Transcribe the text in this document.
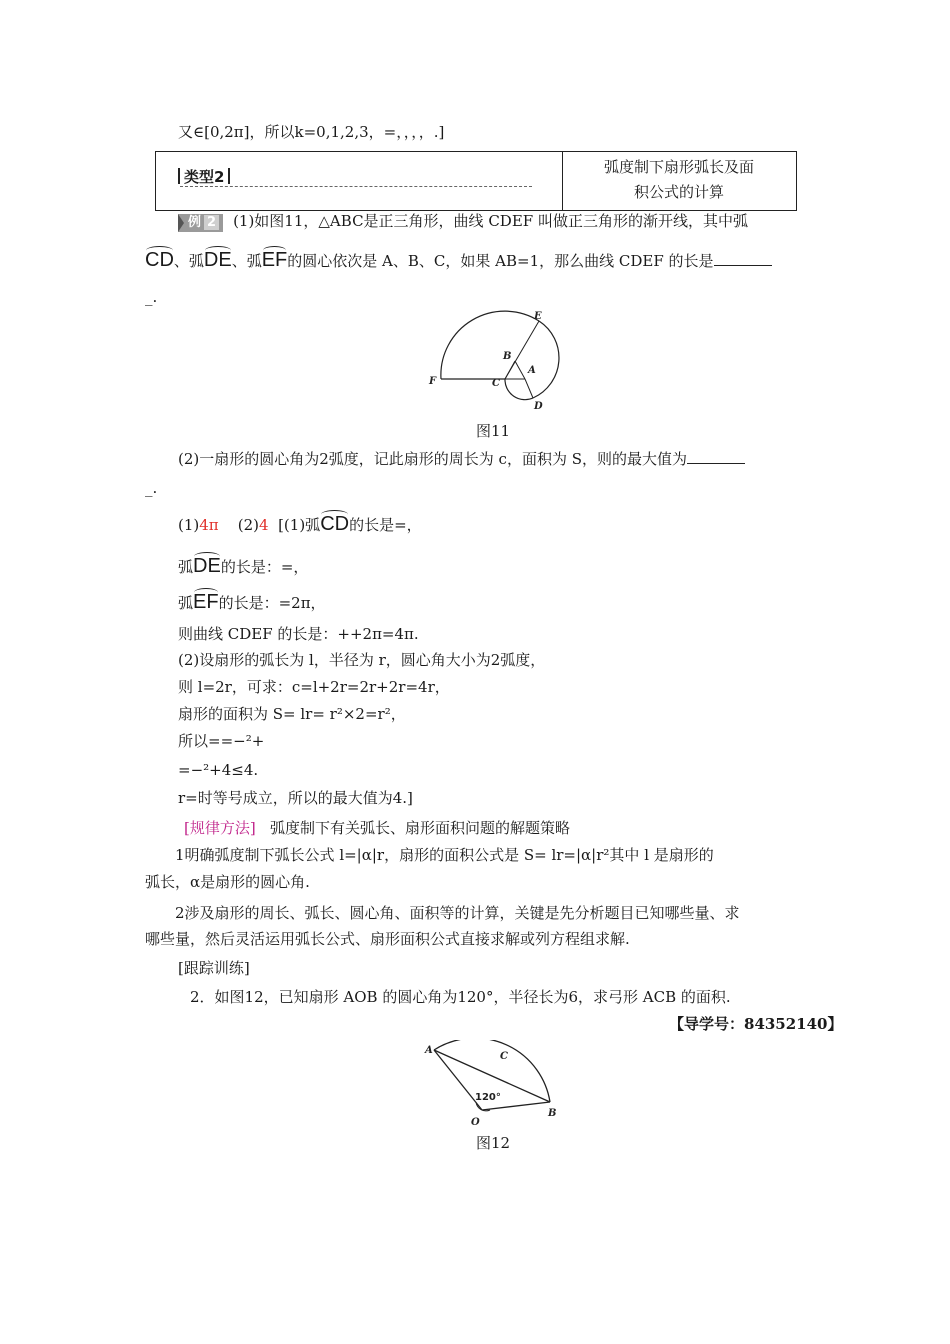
又∈[0,2π]，所以k=0,1,2,3，=，，，，.]
类型2
弧度制下扇形弧长及面
积公式的计算
例 2 (1)如图11，△ABC是正三角形，曲线 CDEF 叫做正三角形的渐开线，其中弧
CD、弧DE、弧EF的圆心依次是 A、B、C，如果 AB=1，那么曲线 CDEF 的长是
_.
E
B
A
F	C
D
图11
(2)一扇形的圆心角为2弧度，记此扇形的周长为 c，面积为 S，则的最大值为
_.
(1)4π (2)4 [(1)弧CD的长是=，
弧DE的长是：=，
弧EF的长是：=2π，
则曲线 CDEF 的长是：++2π=4π.
(2)设扇形的弧长为 l，半径为 r，圆心角大小为2弧度，
则 l=2r，可求：c=l+2r=2r+2r=4r，
扇形的面积为 S= lr= r²×2=r²，
所以==−²+
=−²+4≤4.
r=时等号成立，所以的最大值为4.]
[规律方法] 弧度制下有关弧长、扇形面积问题的解题策略
1明确弧度制下弧长公式 l=|α|r，扇形的面积公式是 S= lr=|α|r²其中 l 是扇形的
弧长，α是扇形的圆心角.
2涉及扇形的周长、弧长、圆心角、面积等的计算，关键是先分析题目已知哪些量、求
哪些量，然后灵活运用弧长公式、扇形面积公式直接求解或列方程组求解.
[跟踪训练]
2．如图12，已知扇形 AOB 的圆心角为120°，半径长为6，求弓形 ACB 的面积.
【导学号：84352140】
A
C
O
B
120°
图12
